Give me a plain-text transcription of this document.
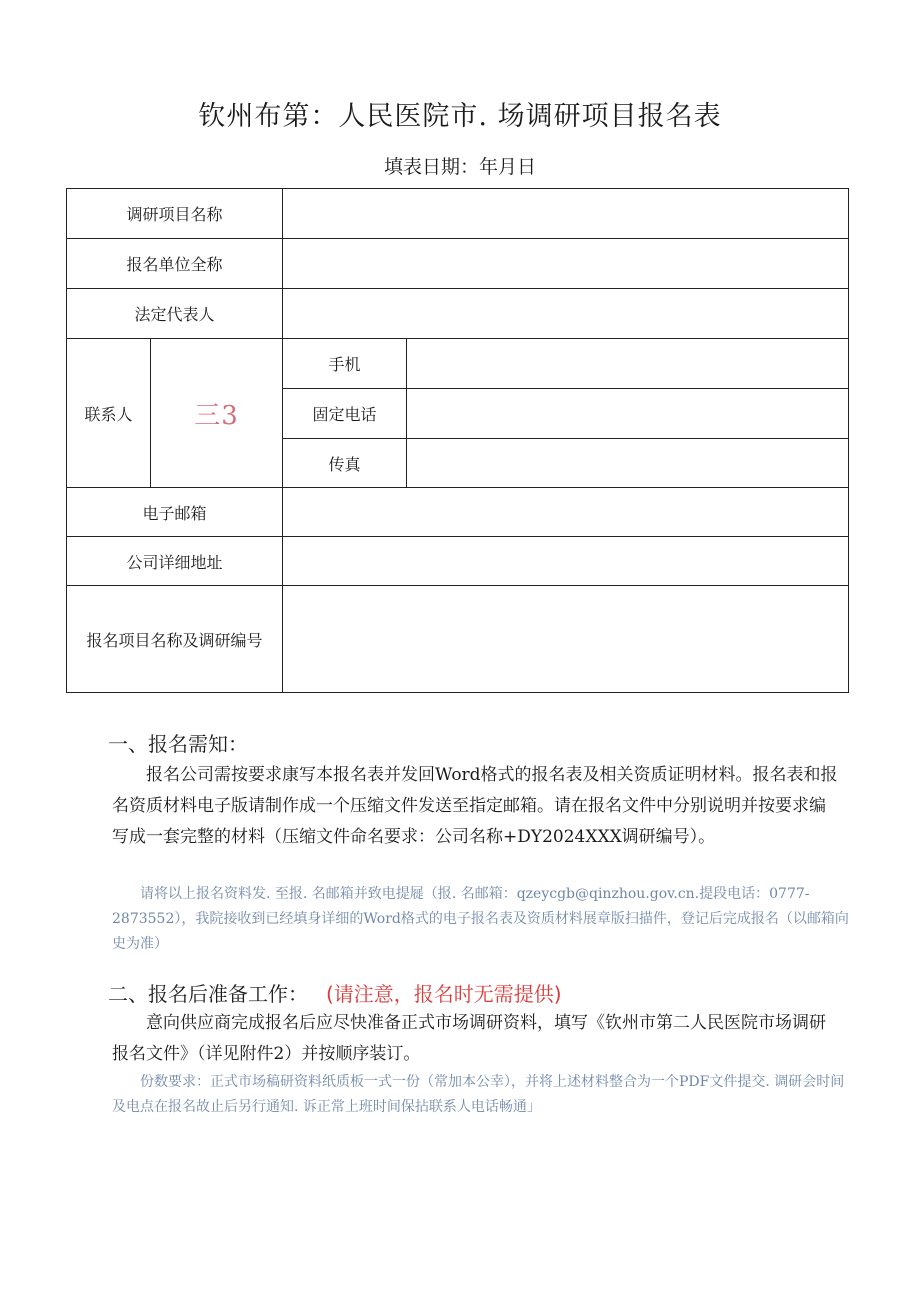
钦州布第：人民医院市. 场调研项目报名表
填表日期：年月日
调研项目名称			
报名单位全称			
法定代表人			
联系人	三3	手机	
		固定电话	
		传真	
电子邮箱			
公司详细地址			
报名项目名称及调研编号			
一、报名需知：
报名公司需按要求康写本报名表并发回Word格式的报名表及相关资质证明材料。报名表和报名资质材料电子版请制作成一个压缩文件发送至指定邮箱。请在报名文件中分别说明并按要求编写成一套完整的材料（压缩文件命名要求：公司名称+DY2024XXX调研编号）。
请将以上报名资料发. 至报. 名邮箱并致电提屣（报. 名邮箱：qzeycgb@qinzhou.gov.cn.提段电话：0777-2873552），我院接收到已经填身详细的Word格式的电子报名表及资质材料展章版扫描件，登记后完成报名（以邮箱向史为准）
二、报名后准备工作： (请注意，报名时无需提供)
意向供应商完成报名后应尽快准备正式市场调研资料，填写《钦州市第二人民医院市场调研报名文件》（详见附件2）并按顺序装订。
份数要求：正式市场稿研资料纸质板一式一份（常加本公幸），并将上述材料整合为一个PDF文件提交. 调研会时间及电点在报名故止后另行通知. 诉正常上班时间保拈联系人电话畅通」
